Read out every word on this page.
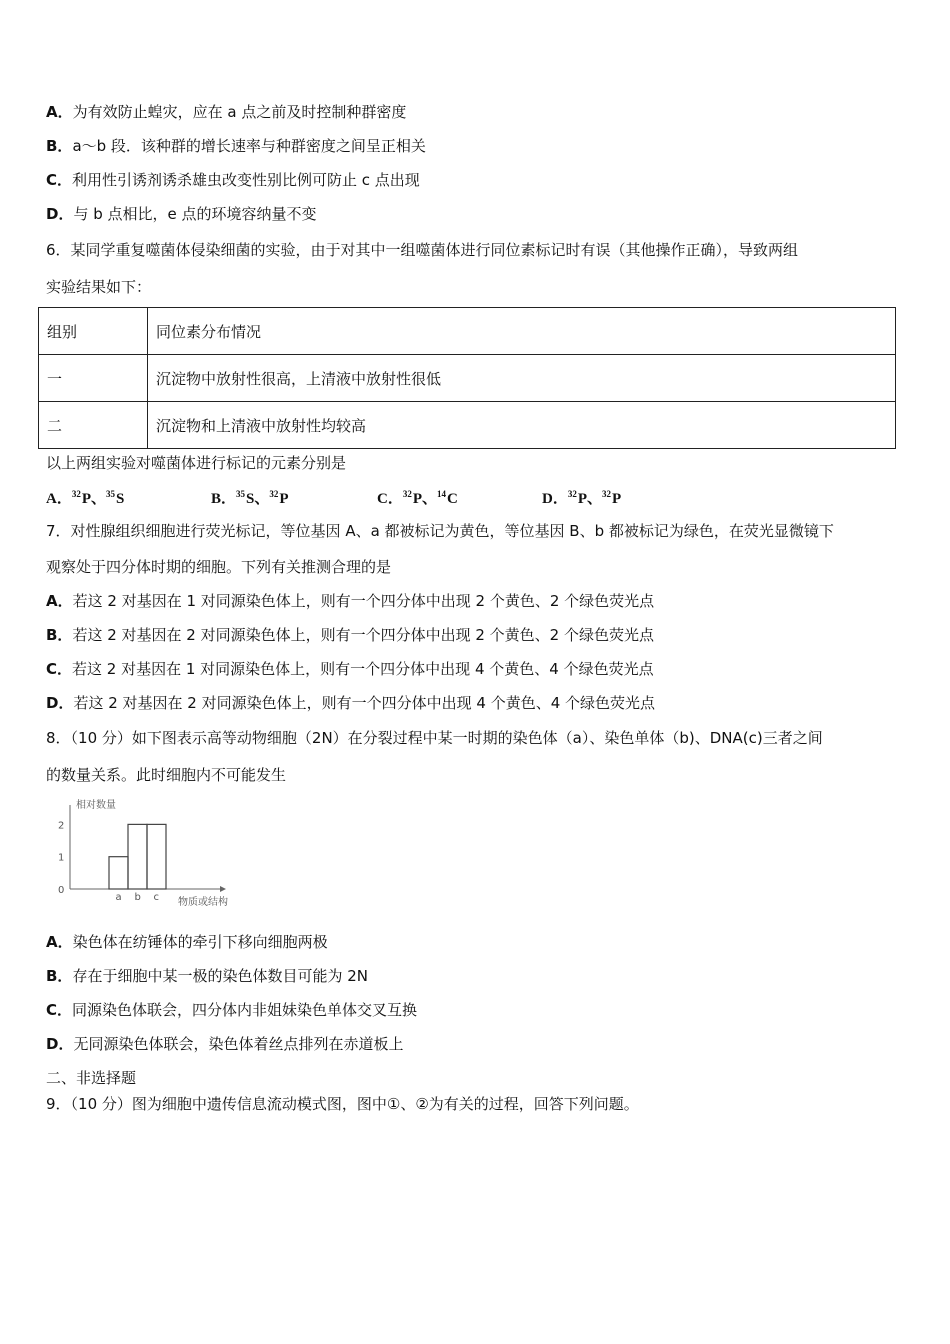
A．为有效防止蝗灾，应在 a 点之前及时控制种群密度
B．a～b 段．该种群的增长速率与种群密度之间呈正相关
C．利用性引诱剂诱杀雄虫改变性别比例可防止 c 点出现
D．与 b 点相比，e 点的环境容纳量不变
6．某同学重复噬菌体侵染细菌的实验，由于对其中一组噬菌体进行同位素标记时有误（其他操作正确），导致两组
实验结果如下：
组别	同位素分布情况
一	沉淀物中放射性很高，上清液中放射性很低
二	沉淀物和上清液中放射性均较高
以上两组实验对噬菌体进行标记的元素分别是
A．$^{32}$P、$^{35}$S	B．$^{35}$S、$^{32}$P	C．$^{32}$P、$^{14}$C	D．$^{32}$P、$^{32}$P
7．对性腺组织细胞进行荧光标记，等位基因 A、a 都被标记为黄色，等位基因 B、b 都被标记为绿色，在荧光显微镜下
观察处于四分体时期的细胞。下列有关推测合理的是
A．若这 2 对基因在 1 对同源染色体上，则有一个四分体中出现 2 个黄色、2 个绿色荧光点
B．若这 2 对基因在 2 对同源染色体上，则有一个四分体中出现 2 个黄色、2 个绿色荧光点
C．若这 2 对基因在 1 对同源染色体上，则有一个四分体中出现 4 个黄色、4 个绿色荧光点
D．若这 2 对基因在 2 对同源染色体上，则有一个四分体中出现 4 个黄色、4 个绿色荧光点
8．（10 分）如下图表示高等动物细胞（2N）在分裂过程中某一时期的染色体（a）、染色单体（b)、DNA(c)三者之间
的数量关系。此时细胞内不可能发生
相对数量
物质或结构
0
1
2
a b c
A．染色体在纺锤体的牵引下移向细胞两极
B．存在于细胞中某一极的染色体数目可能为 2N
C．同源染色体联会，四分体内非姐妹染色单体交叉互换
D．无同源染色体联会，染色体着丝点排列在赤道板上
二、非选择题
9．（10 分）图为细胞中遗传信息流动模式图，图中①、②为有关的过程，回答下列问题。
